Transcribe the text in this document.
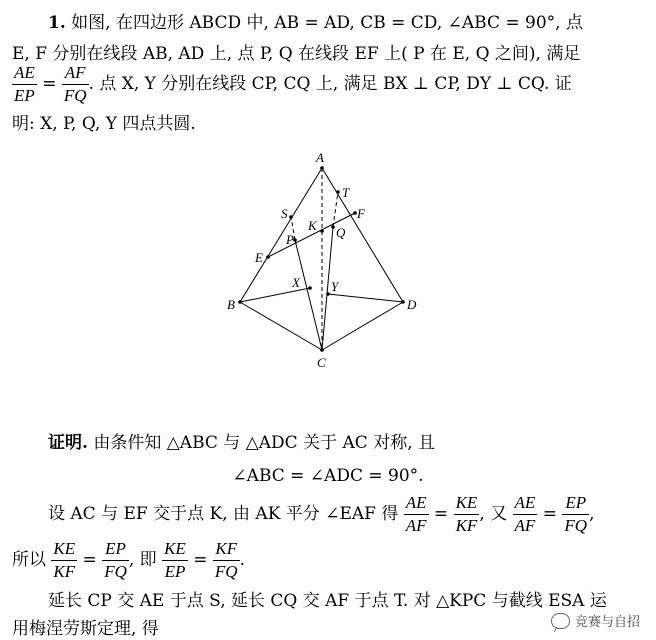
1. 如图, 在四边形 ABCD 中, AB = AD, CB = CD, ∠ABC = 90°, 点
E, F 分别在线段 AB, AD 上, 点 P, Q 在线段 EF 上( P 在 E, Q 之间), 满足
$\frac{AE}{EP} = \frac{AF}{FQ}$ . 点 X, Y 分别在线段 CP, CQ 上, 满足 BX ⊥ CP, DY ⊥ CQ. 证
明: X, P, Q, Y 四点共圆.
A
T
S	F
K Q
P
E
X Y
B	D
C
证明. 由条件知 △ABC 与 △ADC 关于 AC 对称, 且
∠ABC = ∠ADC = 90°.
设 AC 与 EF 交于点 K, 由 AK 平分 ∠EAF 得 $\frac{AE}{AF} = \frac{KE}{KF}$ , 又 $\frac{AE}{AF} = \frac{EP}{FQ}$ ,
所以 $\frac{KE}{KF} = \frac{EP}{FQ}$ , 即 $\frac{KE}{EP} = \frac{KF}{FQ}$ .
延长 CP 交 AE 于点 S, 延长 CQ 交 AF 于点 T. 对 △KPC 与截线 ESA 运
用梅涅劳斯定理, 得	竞赛与自招
